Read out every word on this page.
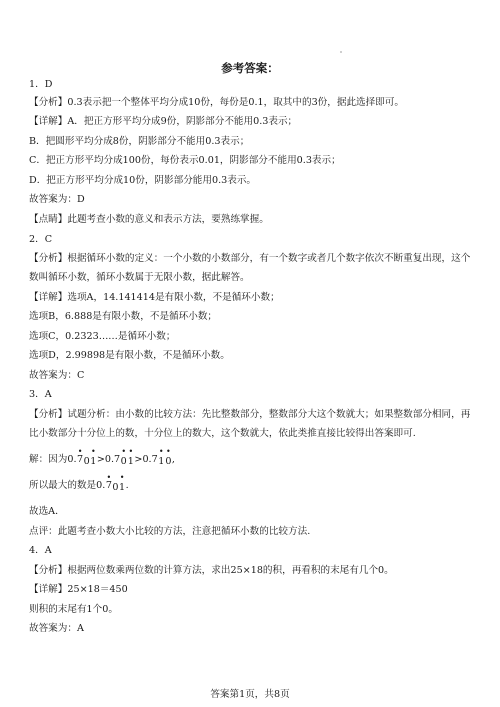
参考答案：
1．D
【分析】0.3表示把一个整体平均分成10份，每份是0.1，取其中的3份，据此选择即可。
【详解】A．把正方形平均分成9份，阴影部分不能用0.3表示；
B．把圆形平均分成8份，阴影部分不能用0.3表示；
C．把正方形平均分成100份，每份表示0.01，阴影部分不能用0.3表示；
D．把正方形平均分成10份，阴影部分能用0.3表示。
故答案为：D
【点睛】此题考查小数的意义和表示方法，要熟练掌握。
2．C
【分析】根据循环小数的定义：一个小数的小数部分，有一个数字或者几个数字依次不断重复出现，这个
数叫循环小数，循环小数属于无限小数，据此解答。
【详解】选项A，14.141414是有限小数，不是循环小数；
选项B，6.888是有限小数，不是循环小数；
选项C，0.2323……是循环小数；
选项D，2.99898是有限小数，不是循环小数。
故答案为：C
3．A
【分析】试题分析：由小数的比较方法：先比整数部分，整数部分大这个数就大；如果整数部分相同，再
比小数部分十分位上的数，十分位上的数大，这个数就大，依此类推直接比较得出答案即可.
解：因为0.
•
70
•
1>0.7
•
0
•
1>0.7
•
1
•
0,
所以最大的数是0.
•
70
•
1.
故选A．
点评：此题考查小数大小比较的方法，注意把循环小数的比较方法.
4．A
【分析】根据两位数乘两位数的计算方法，求出25×18的积，再看积的末尾有几个0。
【详解】25×18＝450
则积的末尾有1个0。
故答案为：A
答案第1页，共8页
